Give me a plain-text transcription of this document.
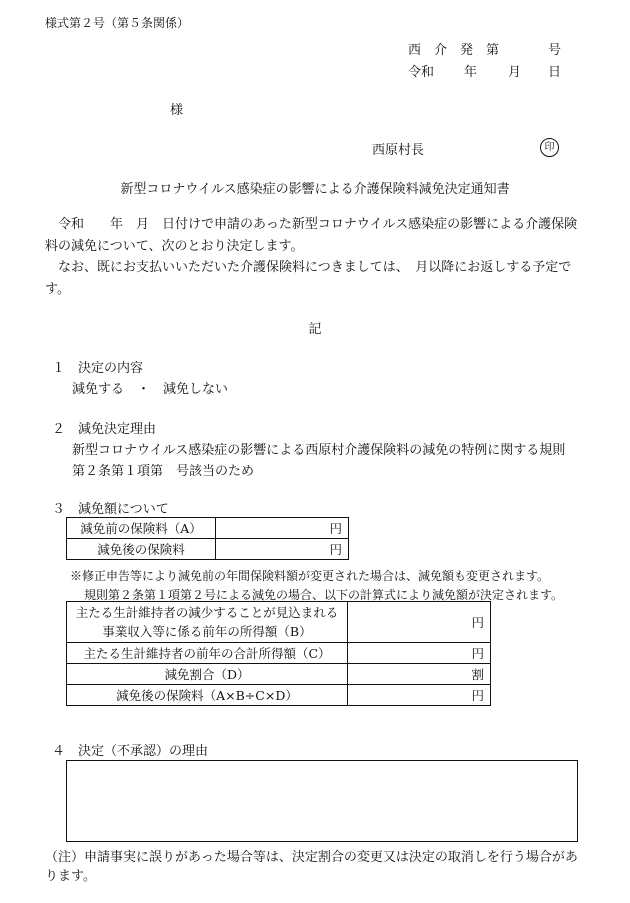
様式第２号（第５条関係）
西　介　発　第	号
令和 年 月 日
様
西原村長	印
新型コロナウイルス感染症の影響による介護保険料減免決定通知書
　令和　　年　月　日付けで申請のあった新型コロナウイルス感染症の影響による介護保険料の減免について、次のとおり決定します。
　なお、既にお支払いいただいた介護保険料につきましては、　月以降にお返しする予定です。
記
１　決定の内容
減免する　・　減免しない
２　減免決定理由
新型コロナウイルス感染症の影響による西原村介護保険料の減免の特例に関する規則
第２条第１項第　号該当のため
３　減免額について
減免前の保険料（A）	円
減免後の保険料	円
※修正申告等により減免前の年間保険料額が変更された場合は、減免額も変更されます。
規則第２条第１項第２号による減免の場合、以下の計算式により減免額が決定されます。
主たる生計維持者の減少することが見込まれる
事業収入等に係る前年の所得額（B）	円
主たる生計維持者の前年の合計所得額（C）	円
減免割合（D）	割
減免後の保険料（A×B÷C×D）	円
４　決定（不承認）の理由
（注）申請事実に誤りがあった場合等は、決定割合の変更又は決定の取消しを行う場合があります。
